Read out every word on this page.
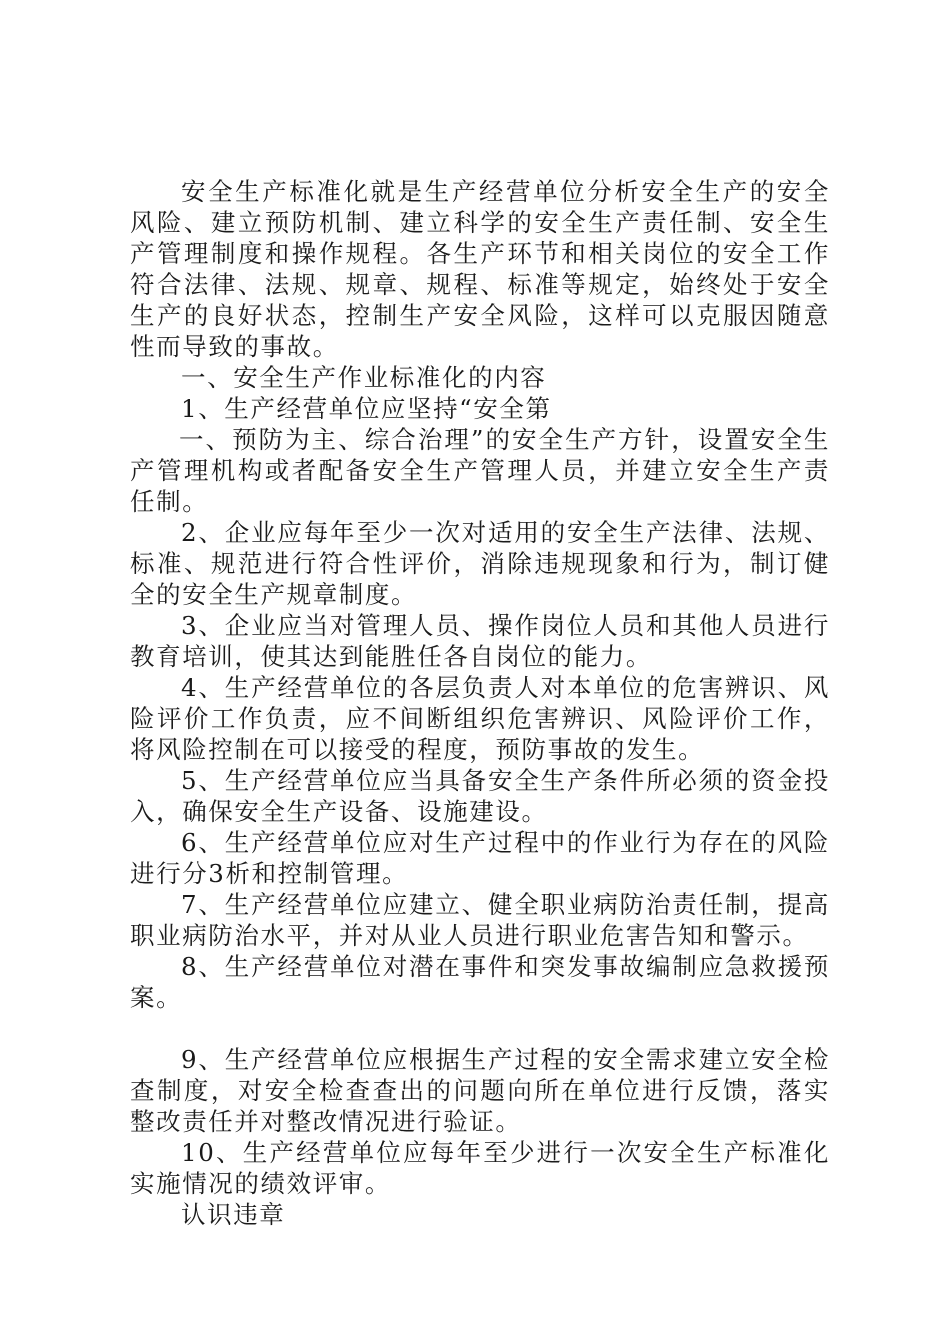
安全生产标准化就是生产经营单位分析安全生产的安全风险、建立预防机制、建立科学的安全生产责任制、安全生产管理制度和操作规程。各生产环节和相关岗位的安全工作符合法律、法规、规章、规程、标准等规定，始终处于安全生产的良好状态，控制生产安全风险，这样可以克服因随意性而导致的事故。

一、安全生产作业标准化的内容

1、生产经营单位应坚持“安全第

一、预防为主、综合治理”的安全生产方针，设置安全生产管理机构或者配备安全生产管理人员，并建立安全生产责任制。

2、企业应每年至少一次对适用的安全生产法律、法规、标准、规范进行符合性评价，消除违规现象和行为，制订健全的安全生产规章制度。

3、企业应当对管理人员、操作岗位人员和其他人员进行教育培训，使其达到能胜任各自岗位的能力。

4、生产经营单位的各层负责人对本单位的危害辨识、风险评价工作负责，应不间断组织危害辨识、风险评价工作，将风险控制在可以接受的程度，预防事故的发生。

5、生产经营单位应当具备安全生产条件所必须的资金投入，确保安全生产设备、设施建设。

6、生产经营单位应对生产过程中的作业行为存在的风险进行分3析和控制管理。

7、生产经营单位应建立、健全职业病防治责任制，提高职业病防治水平，并对从业人员进行职业危害告知和警示。

8、生产经营单位对潜在事件和突发事故编制应急救援预案。

9、生产经营单位应根据生产过程的安全需求建立安全检查制度，对安全检查查出的问题向所在单位进行反馈，落实整改责任并对整改情况进行验证。

10、生产经营单位应每年至少进行一次安全生产标准化实施情况的绩效评审。

认识违章
